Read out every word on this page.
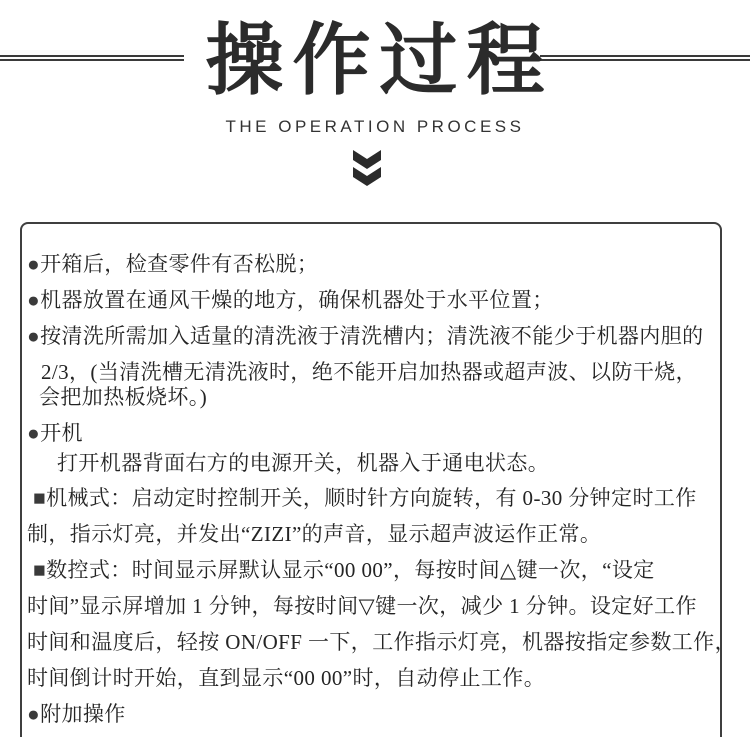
操作过程
THE OPERATION PROCESS
●开箱后，检查零件有否松脱；
●机器放置在通风干燥的地方，确保机器处于水平位置；
●按清洗所需加入适量的清洗液于清洗槽内；清洗液不能少于机器内胆的
2/3，(当清洗槽无清洗液时，绝不能开启加热器或超声波、以防干烧，
会把加热板烧坏。)
●开机
打开机器背面右方的电源开关，机器入于通电状态。
■机械式：启动定时控制开关，顺时针方向旋转，有 0-30 分钟定时工作
制，指示灯亮，并发出“ZIZI”的声音，显示超声波运作正常。
■数控式：时间显示屏默认显示“00 00”，每按时间△键一次，“设定
时间”显示屏增加 1 分钟，每按时间▽键一次，减少 1 分钟。设定好工作
时间和温度后，轻按 ON/OFF 一下，工作指示灯亮，机器按指定参数工作，
时间倒计时开始，直到显示“00 00”时，自动停止工作。
●附加操作
